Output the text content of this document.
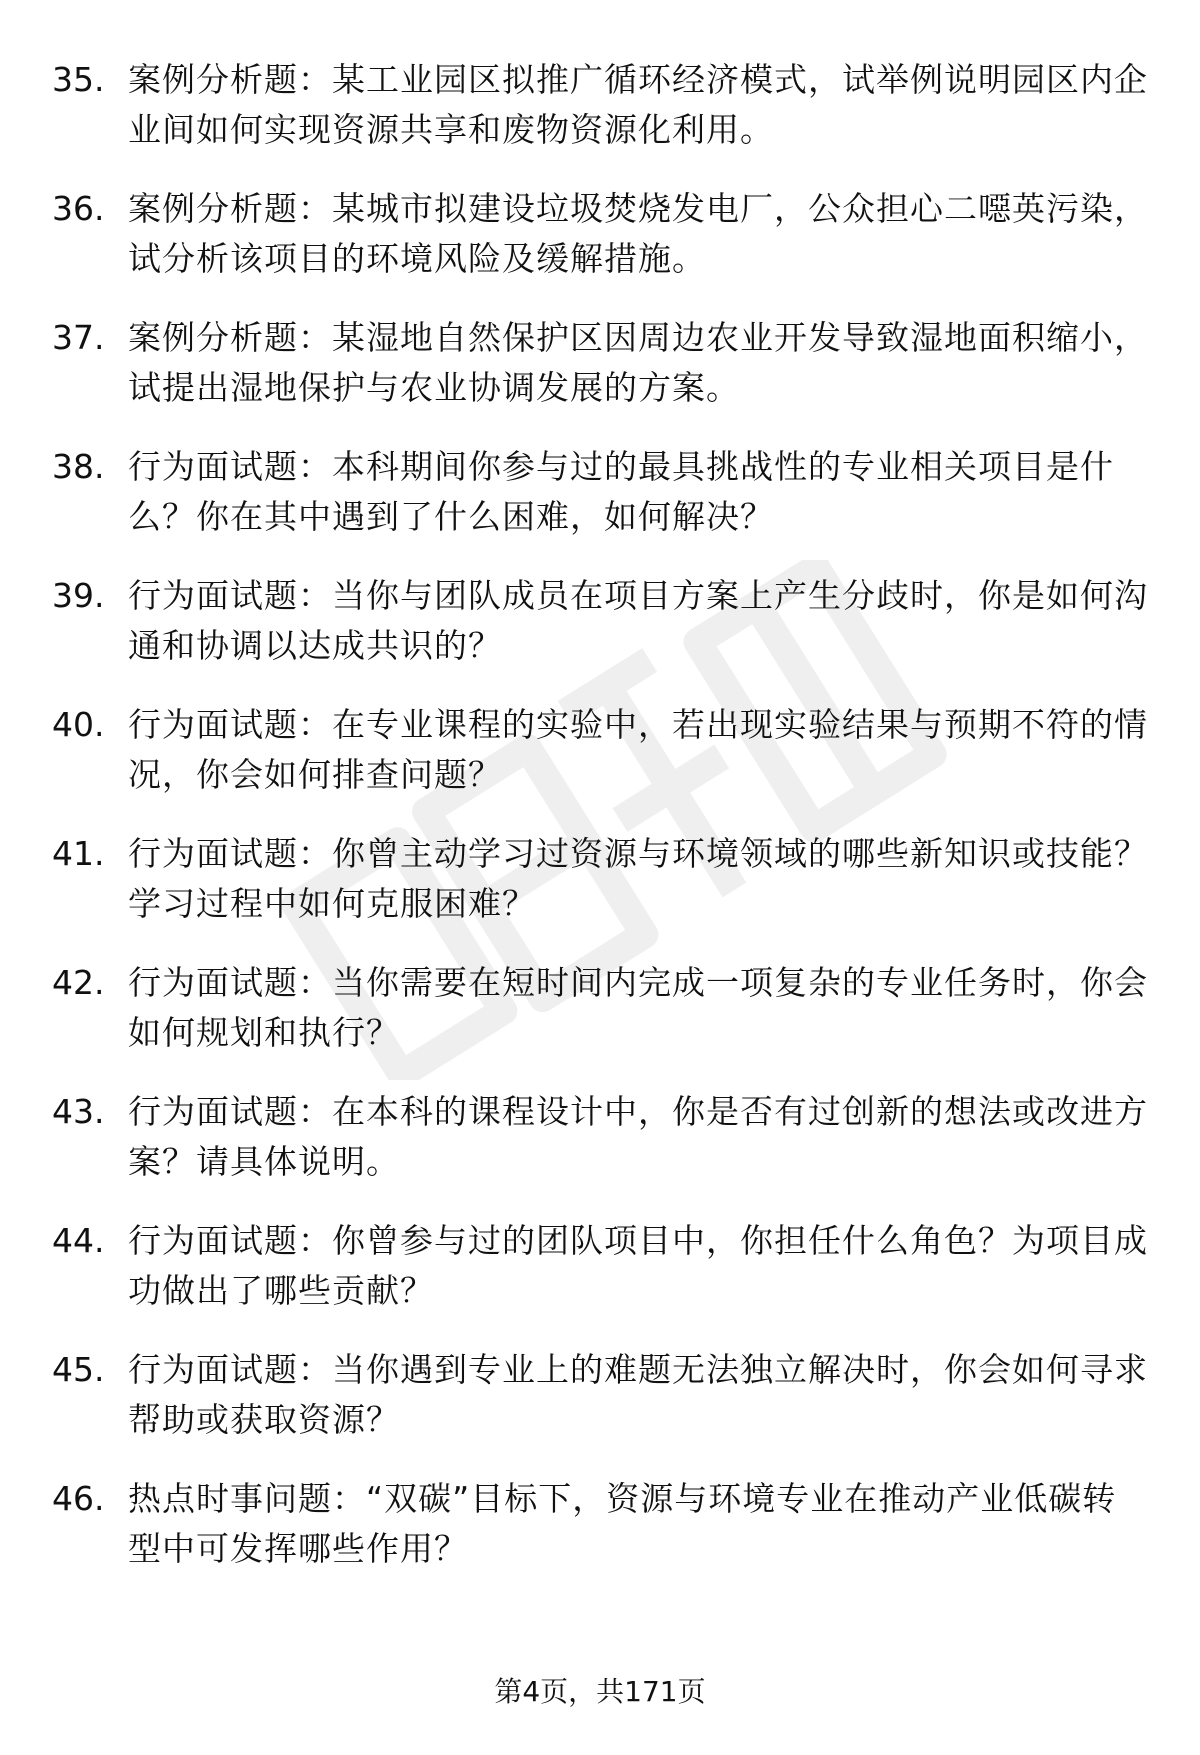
35. 案例分析题：某工业园区拟推广循环经济模式，试举例说明园区内企业间如何实现资源共享和废物资源化利用。
36. 案例分析题：某城市拟建设垃圾焚烧发电厂，公众担心二噁英污染，试分析该项目的环境风险及缓解措施。
37. 案例分析题：某湿地自然保护区因周边农业开发导致湿地面积缩小，试提出湿地保护与农业协调发展的方案。
38. 行为面试题：本科期间你参与过的最具挑战性的专业相关项目是什么？你在其中遇到了什么困难，如何解决？
39. 行为面试题：当你与团队成员在项目方案上产生分歧时，你是如何沟通和协调以达成共识的？
40. 行为面试题：在专业课程的实验中，若出现实验结果与预期不符的情况，你会如何排查问题？
41. 行为面试题：你曾主动学习过资源与环境领域的哪些新知识或技能？学习过程中如何克服困难？
42. 行为面试题：当你需要在短时间内完成一项复杂的专业任务时，你会如何规划和执行？
43. 行为面试题：在本科的课程设计中，你是否有过创新的想法或改进方案？请具体说明。
44. 行为面试题：你曾参与过的团队项目中，你担任什么角色？为项目成功做出了哪些贡献？
45. 行为面试题：当你遇到专业上的难题无法独立解决时，你会如何寻求帮助或获取资源？
46. 热点时事问题：“双碳”目标下，资源与环境专业在推动产业低碳转型中可发挥哪些作用？
第4页，共171页
